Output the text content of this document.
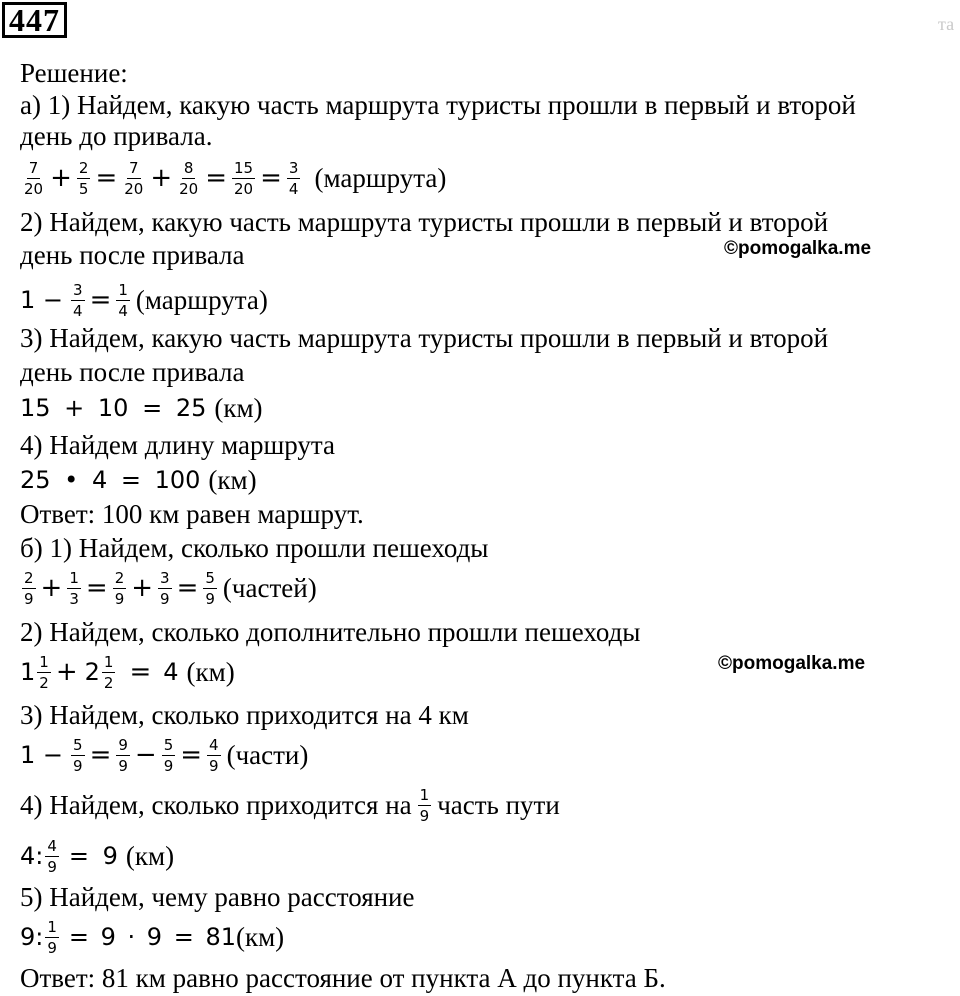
447	та
Решение:
а) 1) Найдем, какую часть маршрута туристы прошли в первый и второй
день до привала.
$\frac{7}{20} + \frac{2}{5} = \frac{7}{20} + \frac{8}{20} = \frac{15}{20} = \frac{3}{4}$ (маршрута)
2) Найдем, какую часть маршрута туристы прошли в первый и второй
день после привала	©pomogalka.me
$1 - \frac{3}{4} = \frac{1}{4}$ (маршрута)
3) Найдем, какую часть маршрута туристы прошли в первый и второй
день после привала
15 + 10 = 25 (км)
4) Найдем длину маршрута
25 • 4 = 100 (км)
Ответ: 100 км равен маршрут.
б) 1) Найдем, сколько прошли пешеходы
$\frac{2}{9} + \frac{1}{3} = \frac{2}{9} + \frac{3}{9} = \frac{5}{9}$ (частей)
2) Найдем, сколько дополнительно прошли пешеходы
$1 \frac{1}{2} + 2 \frac{1}{2} = 4$ (км)	©pomogalka.me
3) Найдем, сколько приходится на 4 км
$1 - \frac{5}{9} = \frac{9}{9} - \frac{5}{9} = \frac{4}{9}$ (части)
4) Найдем, сколько приходится на $\frac{1}{9}$ часть пути
4: $\frac{4}{9} = 9$ (км)
5) Найдем, чему равно расстояние
9: $\frac{1}{9} = 9 \cdot 9 = 81$ (км)
Ответ: 81 км равно расстояние от пункта А до пункта Б.
